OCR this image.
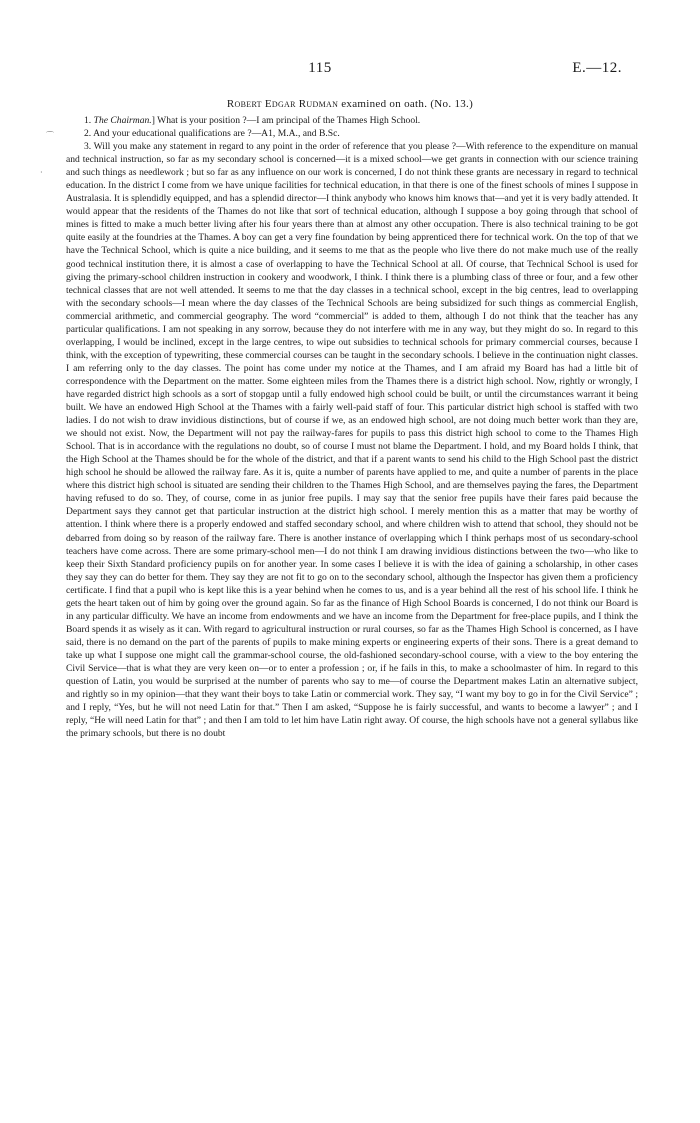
115	E.—12.
Robert Edgar Rudman examined on oath. (No. 13.)
⌒
·

1. The Chairman.] What is your position ?—I am principal of the Thames High School.

2. And your educational qualifications are ?—A1, M.A., and B.Sc.

3. Will you make any statement in regard to any point in the order of reference that you please ?—With reference to the expenditure on manual and technical instruction, so far as my secondary school is concerned—it is a mixed school—we get grants in connection with our science training and such things as needlework ; but so far as any influence on our work is concerned, I do not think these grants are necessary in regard to technical education. In the district I come from we have unique facilities for technical education, in that there is one of the finest schools of mines I suppose in Australasia. It is splendidly equipped, and has a splendid director—I think anybody who knows him knows that—and yet it is very badly attended. It would appear that the residents of the Thames do not like that sort of technical education, although I suppose a boy going through that school of mines is fitted to make a much better living after his four years there than at almost any other occupation. There is also technical training to be got quite easily at the foundries at the Thames. A boy can get a very fine foundation by being apprenticed there for technical work. On the top of that we have the Technical School, which is quite a nice building, and it seems to me that as the people who live there do not make much use of the really good technical institution there, it is almost a case of overlapping to have the Technical School at all. Of course, that Technical School is used for giving the primary-school children instruction in cookery and woodwork, I think. I think there is a plumbing class of three or four, and a few other technical classes that are not well attended. It seems to me that the day classes in a technical school, except in the big centres, lead to overlapping with the secondary schools—I mean where the day classes of the Technical Schools are being subsidized for such things as commercial English, commercial arithmetic, and commercial geography. The word “commercial” is added to them, although I do not think that the teacher has any particular qualifications. I am not speaking in any sorrow, because they do not interfere with me in any way, but they might do so. In regard to this overlapping, I would be inclined, except in the large centres, to wipe out subsidies to technical schools for primary commercial courses, because I think, with the exception of typewriting, these commercial courses can be taught in the secondary schools. I believe in the continuation night classes. I am referring only to the day classes. The point has come under my notice at the Thames, and I am afraid my Board has had a little bit of correspondence with the Department on the matter. Some eighteen miles from the Thames there is a district high school. Now, rightly or wrongly, I have regarded district high schools as a sort of stopgap until a fully endowed high school could be built, or until the circumstances warrant it being built. We have an endowed High School at the Thames with a fairly well-paid staff of four. This particular district high school is staffed with two ladies. I do not wish to draw invidious distinctions, but of course if we, as an endowed high school, are not doing much better work than they are, we should not exist. Now, the Department will not pay the railway-fares for pupils to pass this district high school to come to the Thames High School. That is in accordance with the regulations no doubt, so of course I must not blame the Department. I hold, and my Board holds I think, that the High School at the Thames should be for the whole of the district, and that if a parent wants to send his child to the High School past the district high school he should be allowed the railway fare. As it is, quite a number of parents have applied to me, and quite a number of parents in the place where this district high school is situated are sending their children to the Thames High School, and are themselves paying the fares, the Department having refused to do so. They, of course, come in as junior free pupils. I may say that the senior free pupils have their fares paid because the Department says they cannot get that particular instruction at the district high school. I merely mention this as a matter that may be worthy of attention. I think where there is a properly endowed and staffed secondary school, and where children wish to attend that school, they should not be debarred from doing so by reason of the railway fare. There is another instance of overlapping which I think perhaps most of us secondary-school teachers have come across. There are some primary-school men—I do not think I am drawing invidious distinctions between the two—who like to keep their Sixth Standard proficiency pupils on for another year. In some cases I believe it is with the idea of gaining a scholarship, in other cases they say they can do better for them. They say they are not fit to go on to the secondary school, although the Inspector has given them a proficiency certificate. I find that a pupil who is kept like this is a year behind when he comes to us, and is a year behind all the rest of his school life. I think he gets the heart taken out of him by going over the ground again. So far as the finance of High School Boards is concerned, I do not think our Board is in any particular difficulty. We have an income from endowments and we have an income from the Department for free-place pupils, and I think the Board spends it as wisely as it can. With regard to agricultural instruction or rural courses, so far as the Thames High School is concerned, as I have said, there is no demand on the part of the parents of pupils to make mining experts or engineering experts of their sons. There is a great demand to take up what I suppose one might call the grammar-school course, the old-fashioned secondary-school course, with a view to the boy entering the Civil Service—that is what they are very keen on—or to enter a profession ; or, if he fails in this, to make a schoolmaster of him. In regard to this question of Latin, you would be surprised at the number of parents who say to me—of course the Department makes Latin an alternative subject, and rightly so in my opinion—that they want their boys to take Latin or commercial work. They say, “I want my boy to go in for the Civil Service” ; and I reply, “Yes, but he will not need Latin for that.” Then I am asked, “Suppose he is fairly successful, and wants to become a lawyer” ; and I reply, “He will need Latin for that” ; and then I am told to let him have Latin right away. Of course, the high schools have not a general syllabus like the primary schools, but there is no doubt
